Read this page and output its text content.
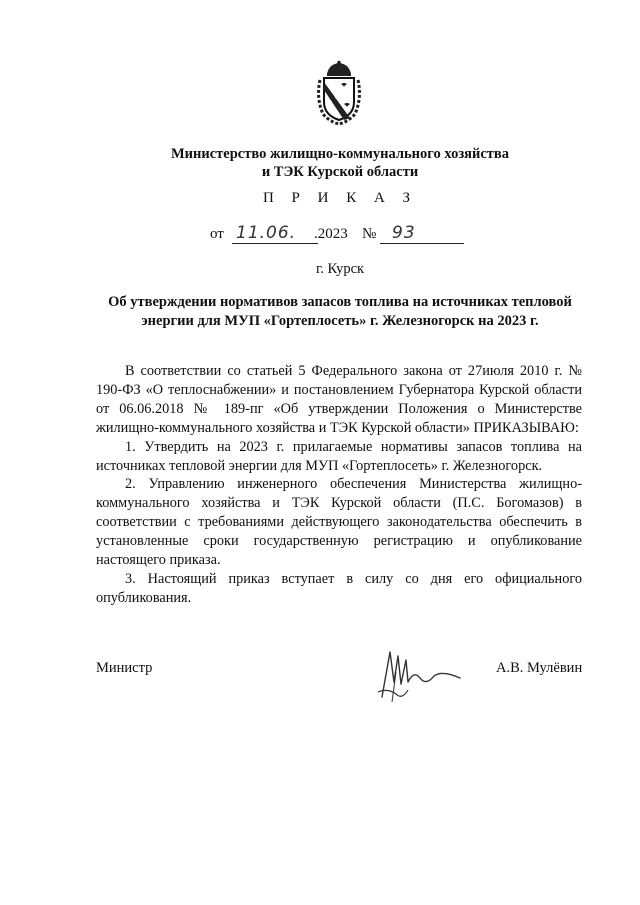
Министерство жилищно-коммунального хозяйства
и ТЭК Курской области
П Р И К А З
от 11.06. .2023 № 93
г. Курск
Об утверждении нормативов запасов топлива на источниках тепловой
энергии для МУП «Гортеплосеть» г. Железногорск на 2023 г.

В соответствии со статьей 5 Федерального закона от 27июля 2010 г. № 190-ФЗ «О теплоснабжении» и постановлением Губернатора Курской области от 06.06.2018 № 189-пг «Об утверждении Положения о Министерстве жилищно-коммунального хозяйства и ТЭК Курской области» ПРИКАЗЫВАЮ:

1. Утвердить на 2023 г. прилагаемые нормативы запасов топлива на источниках тепловой энергии для МУП «Гортеплосеть» г. Железногорск.

2. Управлению инженерного обеспечения Министерства жилищно-коммунального хозяйства и ТЭК Курской области (П.С. Богомазов) в соответствии с требованиями действующего законодательства обеспечить в установленные сроки государственную регистрацию и опубликование настоящего приказа.

3. Настоящий приказ вступает в силу со дня его официального опубликования.

Министр	А.В. Мулёвин
